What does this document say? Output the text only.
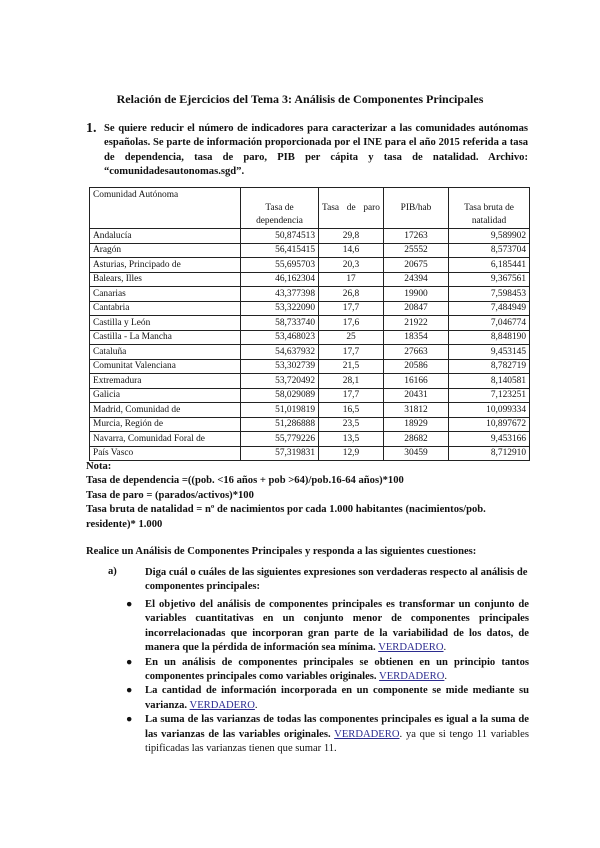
Relación de Ejercicios del Tema 3: Análisis de Componentes Principales
1. Se quiere reducir el número de indicadores para caracterizar a las comunidades autónomas españolas. Se parte de información proporcionada por el INE para el año 2015 referida a tasa de dependencia, tasa de paro, PIB per cápita y tasa de natalidad. Archivo: “comunidadesautonomas.sgd”.
Comunidad Autónoma	Tasa de dependencia	Tasa de paro	PIB/hab	Tasa bruta de natalidad
Andalucía	50,874513	29,8	17263	9,589902
Aragón	56,415415	14,6	25552	8,573704
Asturias, Principado de	55,695703	20,3	20675	6,185441
Balears, Illes	46,162304	17	24394	9,367561
Canarias	43,377398	26,8	19900	7,598453
Cantabria	53,322090	17,7	20847	7,484949
Castilla y León	58,733740	17,6	21922	7,046774
Castilla - La Mancha	53,468023	25	18354	8,848190
Cataluña	54,637932	17,7	27663	9,453145
Comunitat Valenciana	53,302739	21,5	20586	8,782719
Extremadura	53,720492	28,1	16166	8,140581
Galicia	58,029089	17,7	20431	7,123251
Madrid, Comunidad de	51,019819	16,5	31812	10,099334
Murcia, Región de	51,286888	23,5	18929	10,897672
Navarra, Comunidad Foral de	55,779226	13,5	28682	9,453166
País Vasco	57,319831	12,9	30459	8,712910
Nota:
Tasa de dependencia =((pob. <16 años + pob >64)/pob.16-64 años)*100
Tasa de paro = (parados/activos)*100
Tasa bruta de natalidad = nº de nacimientos por cada 1.000 habitantes (nacimientos/pob. residente)* 1.000
Realice un Análisis de Componentes Principales y responda a las siguientes cuestiones:
a)	Diga cuál o cuáles de las siguientes expresiones son verdaderas respecto al análisis de componentes principales:
● El objetivo del análisis de componentes principales es transformar un conjunto de variables cuantitativas en un conjunto menor de componentes principales incorrelacionadas que incorporan gran parte de la variabilidad de los datos, de manera que la pérdida de información sea mínima. VERDADERO.
● En un análisis de componentes principales se obtienen en un principio tantos componentes principales como variables originales. VERDADERO.
● La cantidad de información incorporada en un componente se mide mediante su varianza. VERDADERO.
● La suma de las varianzas de todas las componentes principales es igual a la suma de las varianzas de las variables originales. VERDADERO. ya que si tengo 11 variables tipificadas las varianzas tienen que sumar 11.
